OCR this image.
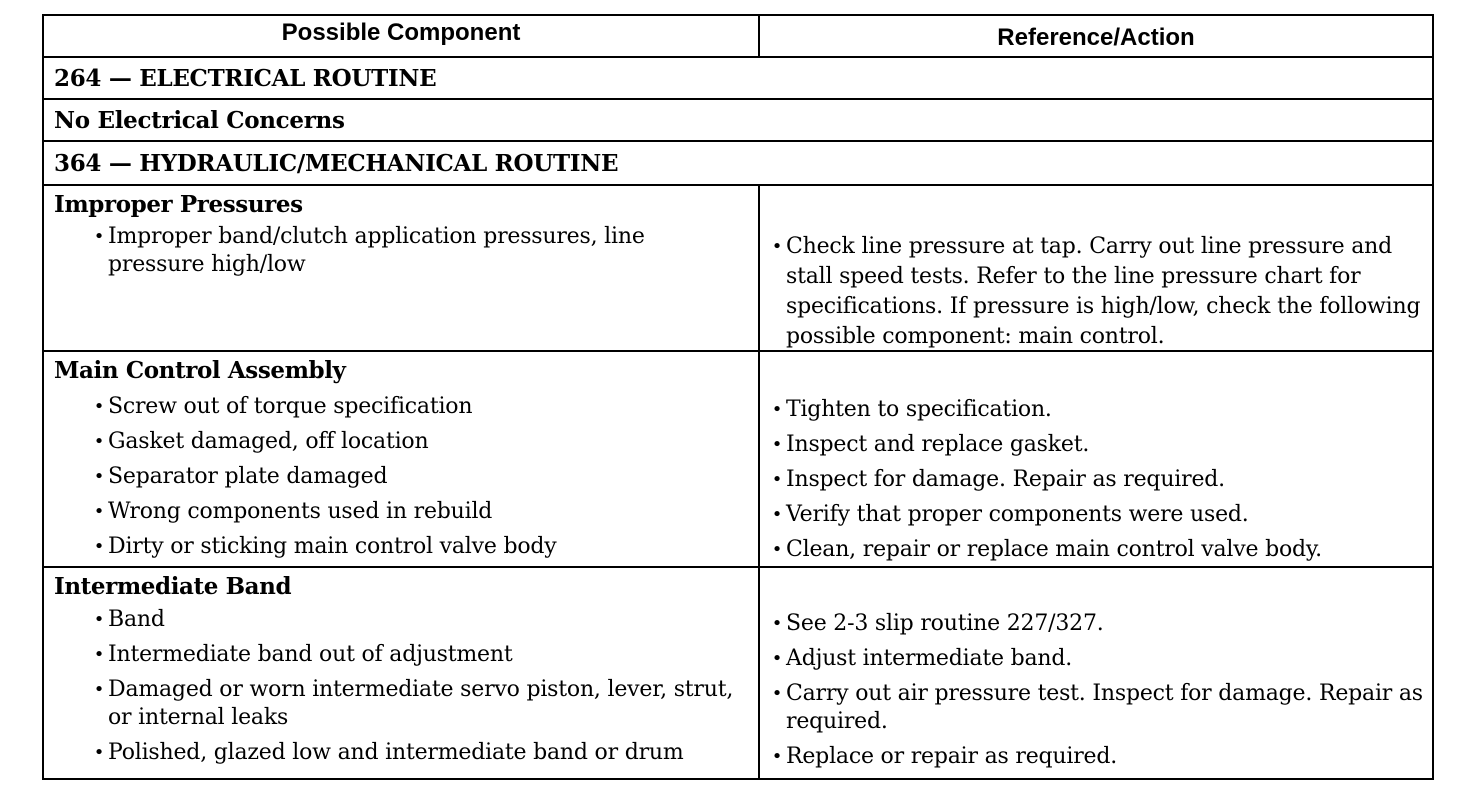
Possible Component	Reference/Action
264 — ELECTRICAL ROUTINE
No Electrical Concerns
364 — HYDRAULIC/MECHANICAL ROUTINE
Improper Pressures
• Improper band/clutch application pressures, line pressure high/low
• Check line pressure at tap. Carry out line pressure and stall speed tests. Refer to the line pressure chart for specifications. If pressure is high/low, check the following possible component: main control.
Main Control Assembly
• Screw out of torque specification
• Gasket damaged, off location
• Separator plate damaged
• Wrong components used in rebuild
• Dirty or sticking main control valve body
• Tighten to specification.
• Inspect and replace gasket.
• Inspect for damage. Repair as required.
• Verify that proper components were used.
• Clean, repair or replace main control valve body.
Intermediate Band
• Band
• Intermediate band out of adjustment
• Damaged or worn intermediate servo piston, lever, strut, or internal leaks
• Polished, glazed low and intermediate band or drum
• See 2-3 slip routine 227/327.
• Adjust intermediate band.
• Carry out air pressure test. Inspect for damage. Repair as required.
• Replace or repair as required.
